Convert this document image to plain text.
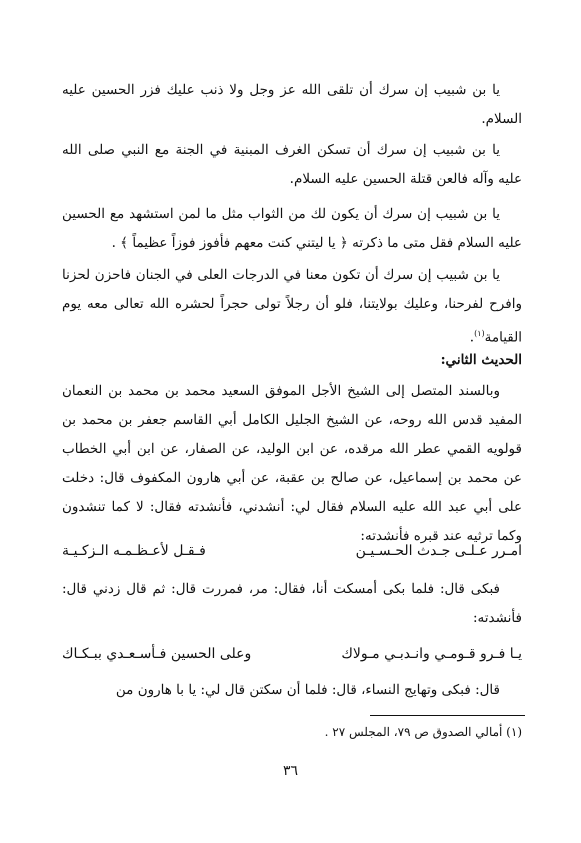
يا بن شبيب إن سرك أن تلقى الله عز وجل ولا ذنب عليك فزر الحسين عليه السلام.
يا بن شبيب إن سرك أن تسكن الغرف المبنية في الجنة مع النبي صلى الله عليه وآله فالعن قتلة الحسين عليه السلام.
يا بن شبيب إن سرك أن يكون لك من الثواب مثل ما لمن استشهد مع الحسين عليه السلام فقل متى ما ذكرته ﴿ يا ليتني كنت معهم فأفوز فوزاً عظيماً ﴾ .
يا بن شبيب إن سرك أن تكون معنا في الدرجات العلى في الجنان فاحزن لحزنا وافرح لفرحنا، وعليك بولايتنا، فلو أن رجلاً تولى حجراً لحشره الله تعالى معه يوم القيامة$^{(١)}$.
الحديث الثاني:
وبالسند المتصل إلى الشيخ الأجل الموفق السعيد محمد بن محمد بن النعمان المفيد قدس الله روحه، عن الشيخ الجليل الكامل أبي القاسم جعفر بن محمد بن قولويه القمي عطر الله مرقده، عن ابن الوليد، عن الصفار، عن ابن أبي الخطاب عن محمد بن إسماعيل، عن صالح بن عقبة، عن أبي هارون المكفوف قال: دخلت على أبي عبد الله عليه السلام فقال لي: أنشدني، فأنشدته فقال: لا كما تنشدون وكما ترثيه عند قبره فأنشدته:
امـرر عـلـى جـدث الحـسـيـن
فـقـل لأعـظـمـه الـزكـيـة
فبكى قال: فلما بكى أمسكت أنا، فقال: مر، فمررت قال: ثم قال زدني قال: فأنشدته:
يـا فـرو قـومـي وانـدبـي مـولاك
وعلى الحسين فـأسـعـدي ببـكـاك
قال: فبكى وتهايج النساء، قال: فلما أن سكتن قال لي: يا با هارون من
(١) أمالي الصدوق ص ٧٩، المجلس ٢٧ .
٣٦
